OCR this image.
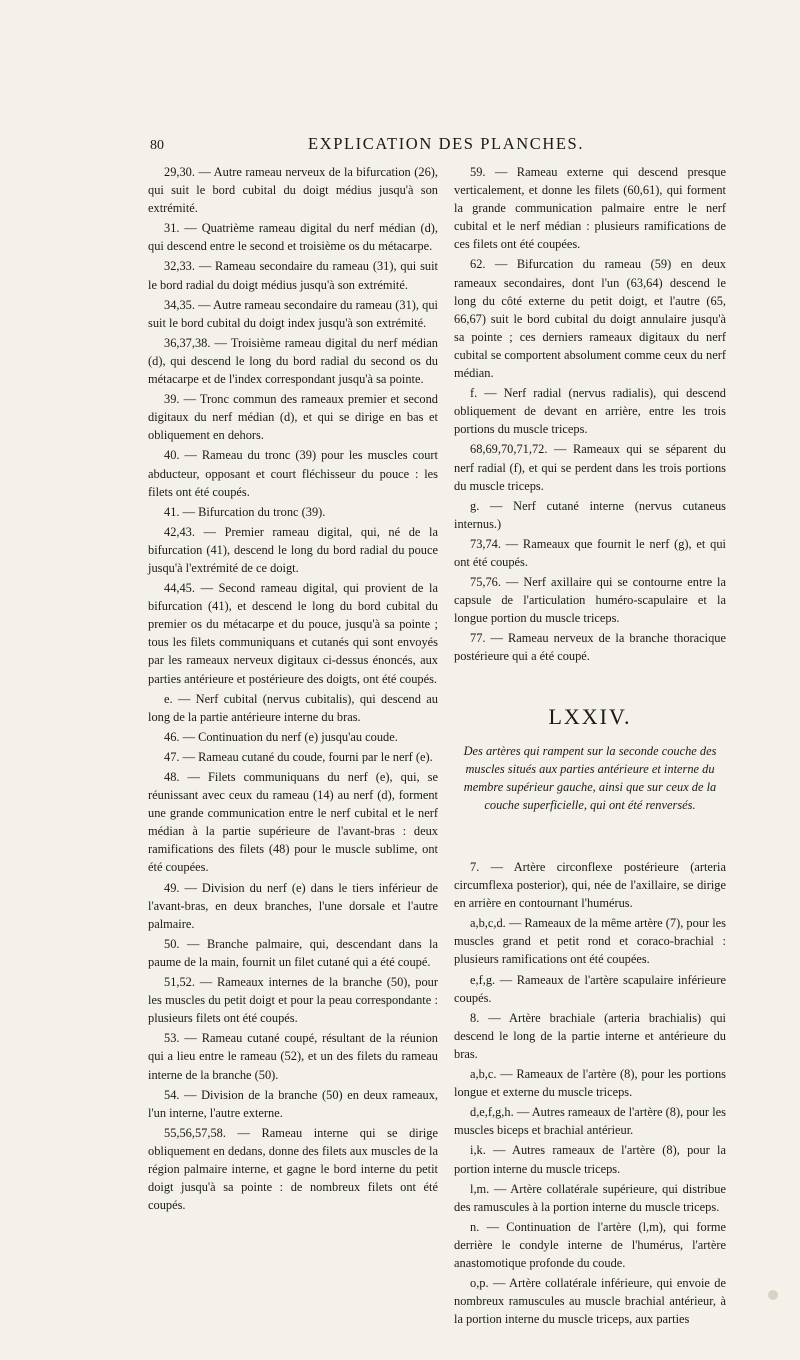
80	EXPLICATION DES PLANCHES.

29,30. — Autre rameau nerveux de la bifurcation (26), qui suit le bord cubital du doigt médius jusqu'à son extrémité.

31. — Quatrième rameau digital du nerf médian (d), qui descend entre le second et troisième os du métacarpe.

32,33. — Rameau secondaire du rameau (31), qui suit le bord radial du doigt médius jusqu'à son extrémité.

34,35. — Autre rameau secondaire du rameau (31), qui suit le bord cubital du doigt index jusqu'à son extrémité.

36,37,38. — Troisième rameau digital du nerf médian (d), qui descend le long du bord radial du second os du métacarpe et de l'index correspondant jusqu'à sa pointe.

39. — Tronc commun des rameaux premier et second digitaux du nerf médian (d), et qui se dirige en bas et obliquement en dehors.

40. — Rameau du tronc (39) pour les muscles court abducteur, opposant et court fléchisseur du pouce : les filets ont été coupés.

41. — Bifurcation du tronc (39).

42,43. — Premier rameau digital, qui, né de la bifurcation (41), descend le long du bord radial du pouce jusqu'à l'extrémité de ce doigt.

44,45. — Second rameau digital, qui provient de la bifurcation (41), et descend le long du bord cubital du premier os du métacarpe et du pouce, jusqu'à sa pointe ; tous les filets communiquans et cutanés qui sont envoyés par les rameaux nerveux digitaux ci-dessus énoncés, aux parties antérieure et postérieure des doigts, ont été coupés.

e. — Nerf cubital (nervus cubitalis), qui descend au long de la partie antérieure interne du bras.

46. — Continuation du nerf (e) jusqu'au coude.

47. — Rameau cutané du coude, fourni par le nerf (e).

48. — Filets communiquans du nerf (e), qui, se réunissant avec ceux du rameau (14) au nerf (d), forment une grande communication entre le nerf cubital et le nerf médian à la partie supérieure de l'avant-bras : deux ramifications des filets (48) pour le muscle sublime, ont été coupées.

49. — Division du nerf (e) dans le tiers inférieur de l'avant-bras, en deux branches, l'une dorsale et l'autre palmaire.

50. — Branche palmaire, qui, descendant dans la paume de la main, fournit un filet cutané qui a été coupé.

51,52. — Rameaux internes de la branche (50), pour les muscles du petit doigt et pour la peau correspondante : plusieurs filets ont été coupés.

53. — Rameau cutané coupé, résultant de la réunion qui a lieu entre le rameau (52), et un des filets du rameau interne de la branche (50).

54. — Division de la branche (50) en deux rameaux, l'un interne, l'autre externe.

55,56,57,58. — Rameau interne qui se dirige obliquement en dedans, donne des filets aux muscles de la région palmaire interne, et gagne le bord interne du petit doigt jusqu'à sa pointe : de nombreux filets ont été coupés.

59. — Rameau externe qui descend presque verticalement, et donne les filets (60,61), qui forment la grande communication palmaire entre le nerf cubital et le nerf médian : plusieurs ramifications de ces filets ont été coupées.

62. — Bifurcation du rameau (59) en deux rameaux secondaires, dont l'un (63,64) descend le long du côté externe du petit doigt, et l'autre (65, 66,67) suit le bord cubital du doigt annulaire jusqu'à sa pointe ; ces derniers rameaux digitaux du nerf cubital se comportent absolument comme ceux du nerf médian.

f. — Nerf radial (nervus radialis), qui descend obliquement de devant en arrière, entre les trois portions du muscle triceps.

68,69,70,71,72. — Rameaux qui se séparent du nerf radial (f), et qui se perdent dans les trois portions du muscle triceps.

g. — Nerf cutané interne (nervus cutaneus internus.)

73,74. — Rameaux que fournit le nerf (g), et qui ont été coupés.

75,76. — Nerf axillaire qui se contourne entre la capsule de l'articulation huméro-scapulaire et la longue portion du muscle triceps.

77. — Rameau nerveux de la branche thoracique postérieure qui a été coupé.

LXXIV.

Des artères qui rampent sur la seconde couche des muscles situés aux parties antérieure et interne du membre supérieur gauche, ainsi que sur ceux de la couche superficielle, qui ont été renversés.

7. — Artère circonflexe postérieure (arteria circumflexa posterior), qui, née de l'axillaire, se dirige en arrière en contournant l'humérus.

a,b,c,d. — Rameaux de la même artère (7), pour les muscles grand et petit rond et coraco-brachial : plusieurs ramifications ont été coupées.

e,f,g. — Rameaux de l'artère scapulaire inférieure coupés.

8. — Artère brachiale (arteria brachialis) qui descend le long de la partie interne et antérieure du bras.

a,b,c. — Rameaux de l'artère (8), pour les portions longue et externe du muscle triceps.

d,e,f,g,h. — Autres rameaux de l'artère (8), pour les muscles biceps et brachial antérieur.

i,k. — Autres rameaux de l'artère (8), pour la portion interne du muscle triceps.

l,m. — Artère collatérale supérieure, qui distribue des ramuscules à la portion interne du muscle triceps.

n. — Continuation de l'artère (l,m), qui forme derrière le condyle interne de l'humérus, l'artère anastomotique profonde du coude.

o,p. — Artère collatérale inférieure, qui envoie de nombreux ramuscules au muscle brachial antérieur, à la portion interne du muscle triceps, aux parties
